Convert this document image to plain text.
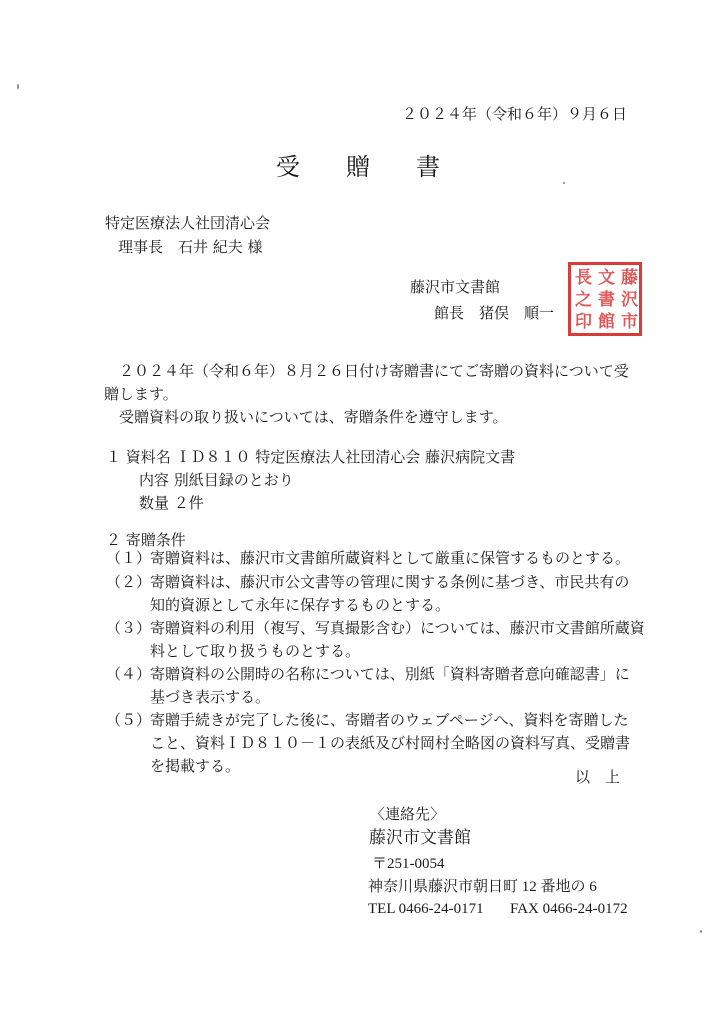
２０２４年（令和６年）９月６日
受 贈 書
特定医療法人社団清心会
理事長　石井 紀夫 様
藤沢市文書館
館長　猪俣　順一
藤
沢
市
文
書
館
長
之
印
２０２４年（令和６年）８月２６日付け寄贈書にてご寄贈の資料について受
贈します。
受贈資料の取り扱いについては、寄贈条件を遵守します。
１ 資料名 ＩＤ８１０ 特定医療法人社団清心会 藤沢病院文書
内容 別紙目録のとおり
数量 ２件
２ 寄贈条件
（１）
寄贈資料は、藤沢市文書館所蔵資料として厳重に保管するものとする。
（２）
寄贈資料は、藤沢市公文書等の管理に関する条例に基づき、市民共有の
知的資源として永年に保存するものとする。
（３）
寄贈資料の利用（複写、写真撮影含む）については、藤沢市文書館所蔵資
料として取り扱うものとする。
（４）
寄贈資料の公開時の名称については、別紙「資料寄贈者意向確認書」に
基づき表示する。
（５）
寄贈手続きが完了した後に、寄贈者のウェブページへ、資料を寄贈した
こと、資料ＩＤ８１０－１の表紙及び村岡村全略図の資料写真、受贈書
を掲載する。
以　上
〈連絡先〉
藤沢市文書館
〒251-0054
神奈川県藤沢市朝日町 12 番地の 6
TEL 0466-24-0171 FAX 0466-24-0172
